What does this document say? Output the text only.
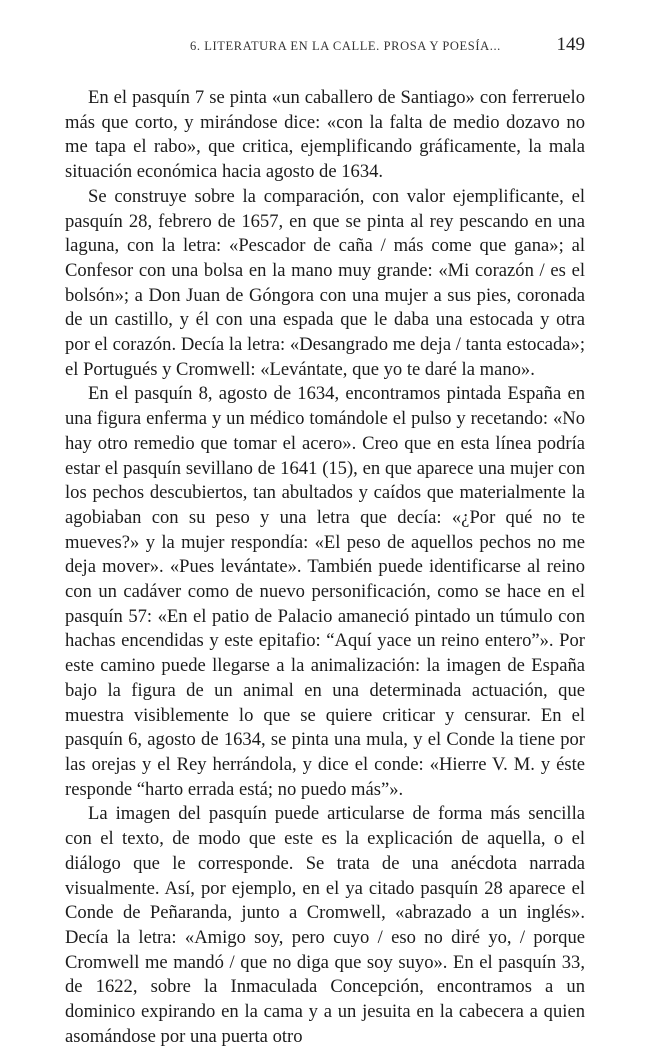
6. LITERATURA EN LA CALLE. PROSA Y POESÍA...	149

En el pasquín 7 se pinta «un caballero de Santiago» con ferreruelo más que corto, y mirándose dice: «con la falta de medio dozavo no me tapa el rabo», que critica, ejemplificando gráficamente, la mala situación económica hacia agosto de 1634.

Se construye sobre la comparación, con valor ejemplificante, el pasquín 28, febrero de 1657, en que se pinta al rey pescando en una laguna, con la letra: «Pescador de caña / más come que gana»; al Confesor con una bolsa en la mano muy grande: «Mi corazón / es el bolsón»; a Don Juan de Góngora con una mujer a sus pies, coronada de un castillo, y él con una espada que le daba una estocada y otra por el corazón. Decía la letra: «Desangrado me deja / tanta estocada»; el Portugués y Cromwell: «Levántate, que yo te daré la mano».

En el pasquín 8, agosto de 1634, encontramos pintada España en una figura enferma y un médico tomándole el pulso y recetando: «No hay otro remedio que tomar el acero». Creo que en esta línea podría estar el pasquín sevillano de 1641 (15), en que aparece una mujer con los pechos descubiertos, tan abultados y caídos que materialmente la agobiaban con su peso y una letra que decía: «¿Por qué no te mueves?» y la mujer respondía: «El peso de aquellos pechos no me deja mover». «Pues levántate». También puede identificarse al reino con un cadáver como de nuevo personificación, como se hace en el pasquín 57: «En el patio de Palacio amaneció pintado un túmulo con hachas encendidas y este epitafio: “Aquí yace un reino entero”». Por este camino puede llegarse a la animalización: la imagen de España bajo la figura de un animal en una determinada actuación, que muestra visiblemente lo que se quiere criticar y censurar. En el pasquín 6, agosto de 1634, se pinta una mula, y el Conde la tiene por las orejas y el Rey herrándola, y dice el conde: «Hierre V. M. y éste responde “harto errada está; no puedo más”».

La imagen del pasquín puede articularse de forma más sencilla con el texto, de modo que este es la explicación de aquella, o el diálogo que le corresponde. Se trata de una anécdota narrada visualmente. Así, por ejemplo, en el ya citado pasquín 28 aparece el Conde de Peñaranda, junto a Cromwell, «abrazado a un inglés». Decía la letra: «Amigo soy, pero cuyo / eso no diré yo, / porque Cromwell me mandó / que no diga que soy suyo». En el pasquín 33, de 1622, sobre la Inmaculada Concepción, encontramos a un dominico expirando en la cama y a un jesuita en la cabecera a quien asomándose por una puerta otro
